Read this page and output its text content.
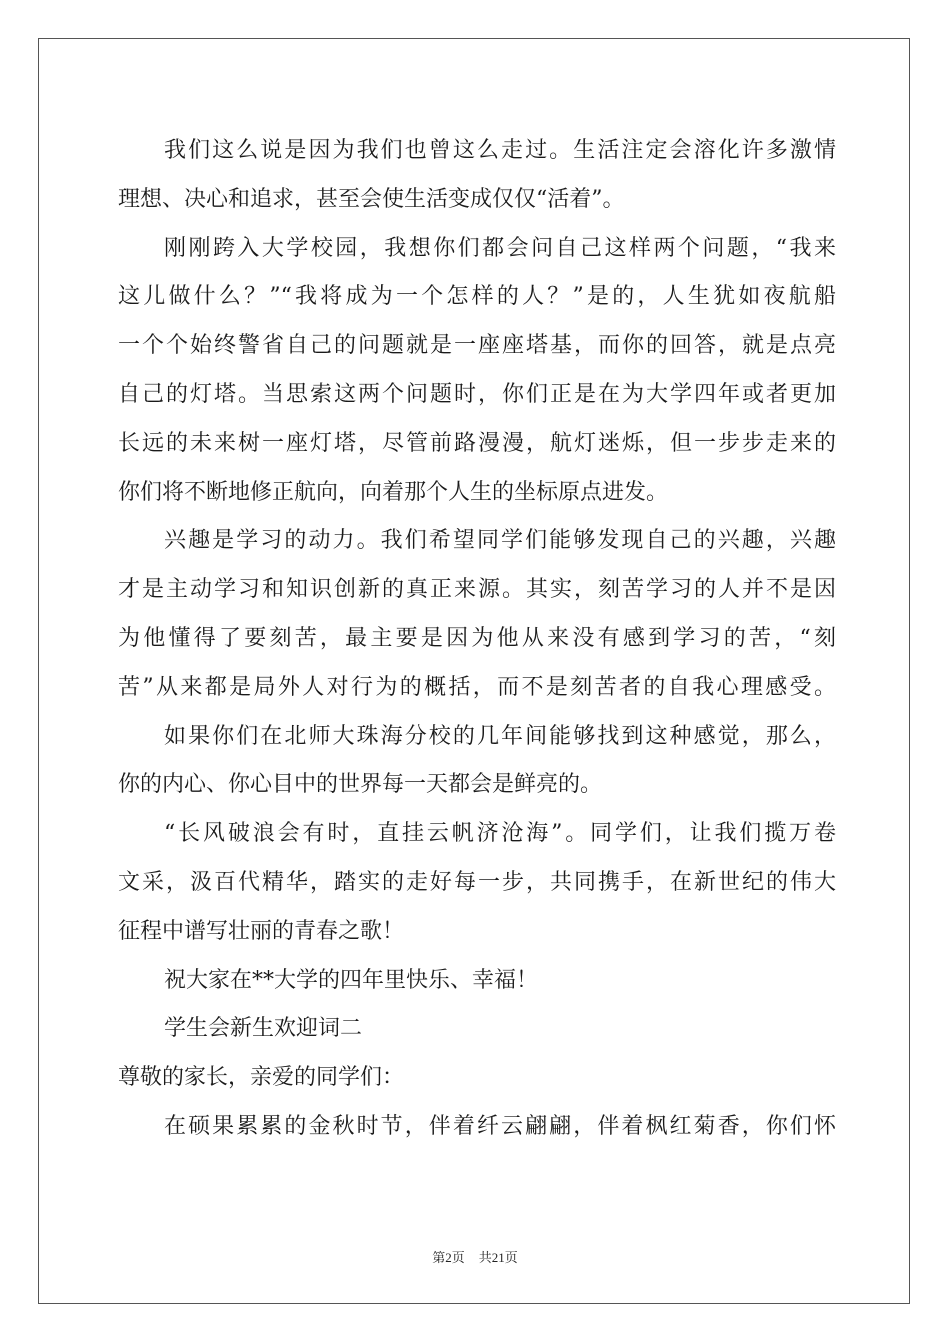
我们这么说是因为我们也曾这么走过。生活注定会溶化许多激情
理想、决心和追求，甚至会使生活变成仅仅“活着”。
刚刚跨入大学校园，我想你们都会问自己这样两个问题，“我来
这儿做什么？”“我将成为一个怎样的人？”是的，人生犹如夜航船
一个个始终警省自己的问题就是一座座塔基，而你的回答，就是点亮
自己的灯塔。当思索这两个问题时，你们正是在为大学四年或者更加
长远的未来树一座灯塔，尽管前路漫漫，航灯迷烁，但一步步走来的
你们将不断地修正航向，向着那个人生的坐标原点进发。
兴趣是学习的动力。我们希望同学们能够发现自己的兴趣，兴趣
才是主动学习和知识创新的真正来源。其实，刻苦学习的人并不是因
为他懂得了要刻苦，最主要是因为他从来没有感到学习的苦，“刻
苦”从来都是局外人对行为的概括，而不是刻苦者的自我心理感受。
如果你们在北师大珠海分校的几年间能够找到这种感觉，那么，
你的内心、你心目中的世界每一天都会是鲜亮的。
“长风破浪会有时，直挂云帆济沧海”。同学们，让我们揽万卷
文采，汲百代精华，踏实的走好每一步，共同携手，在新世纪的伟大
征程中谱写壮丽的青春之歌！
祝大家在**大学的四年里快乐、幸福！
学生会新生欢迎词二
尊敬的家长，亲爱的同学们：
在硕果累累的金秋时节，伴着纤云翩翩，伴着枫红菊香，你们怀
第2页 共21页
